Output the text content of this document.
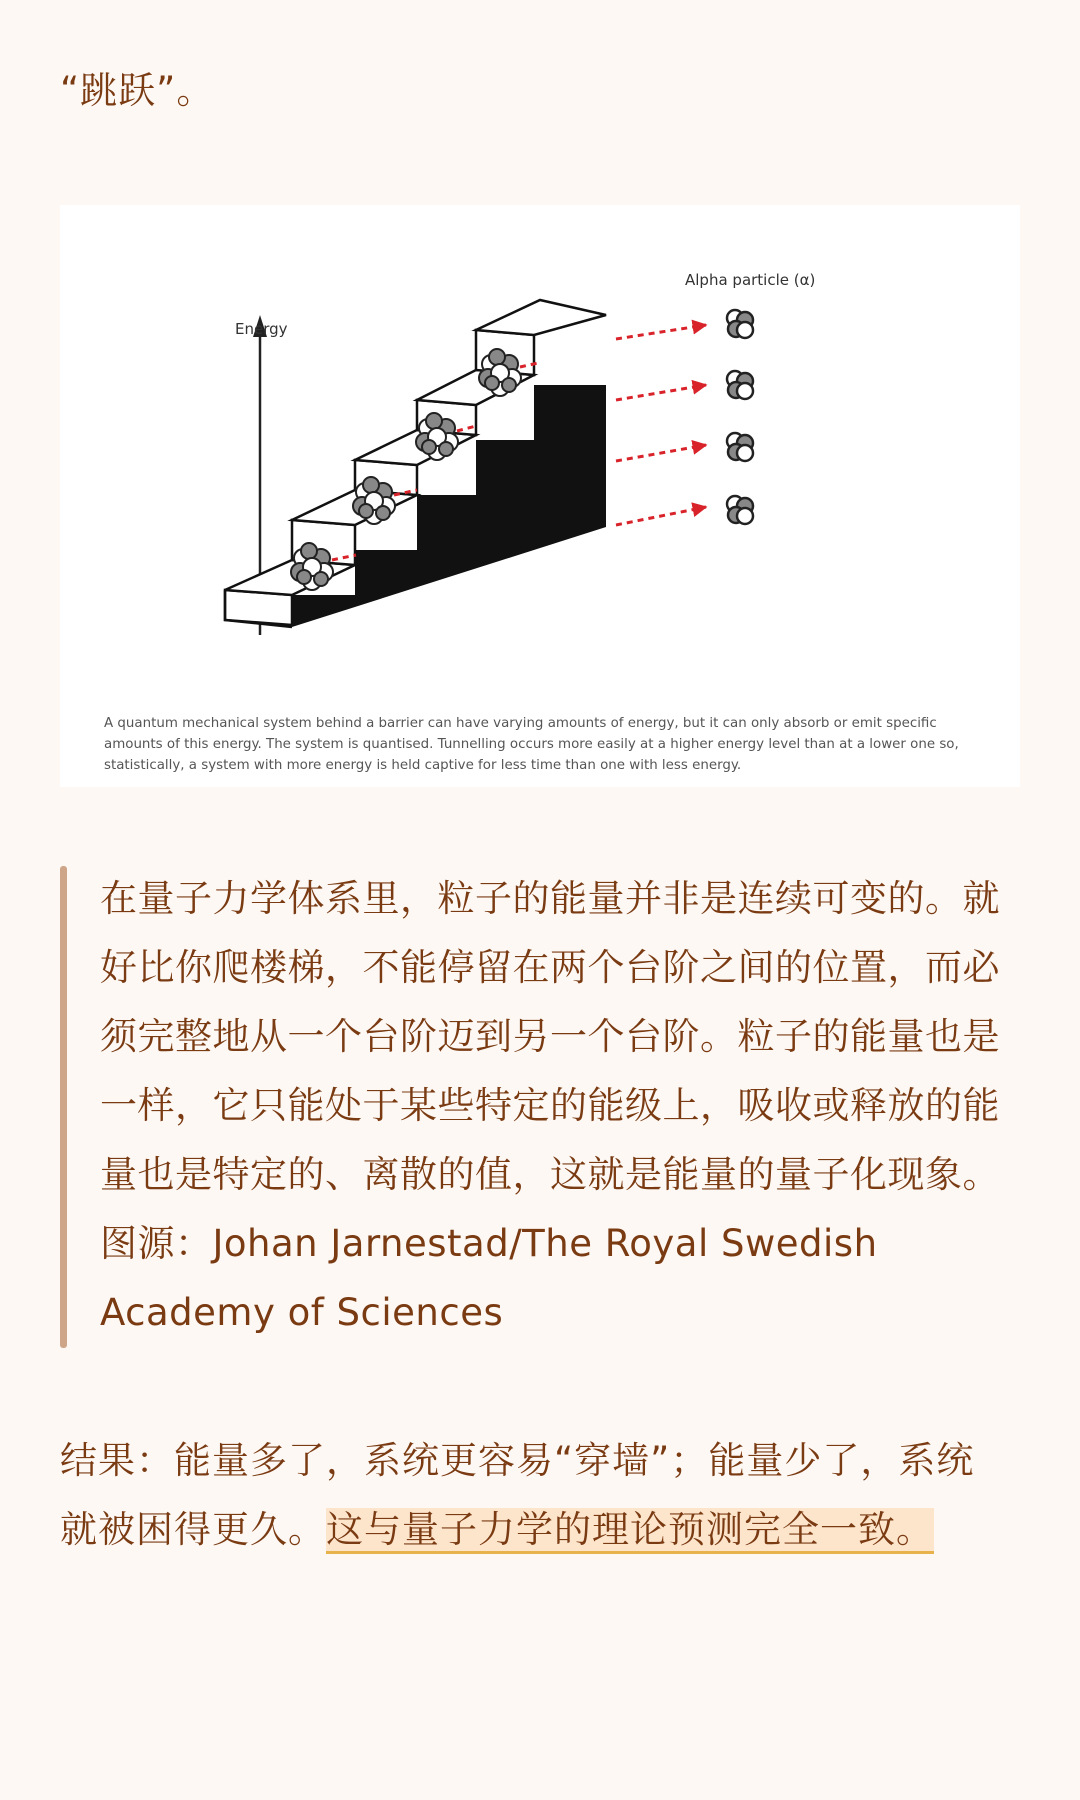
“跳跃”。

Energy
Alpha particle (α)

A quantum mechanical system behind a barrier can have varying amounts of energy, but it can only absorb or emit specific amounts of this energy. The system is quantised. Tunnelling occurs more easily at a higher energy level than at a lower one so, statistically, a system with more energy is held captive for less time than one with less energy.

在量子力学体系里，粒子的能量并非是连续可变的。就好比你爬楼梯，不能停留在两个台阶之间的位置，而必须完整地从一个台阶迈到另一个台阶。粒子的能量也是一样，它只能处于某些特定的能级上，吸收或释放的能量也是特定的、离散的值，这就是能量的量子化现象。图源：Johan Jarnestad/The Royal Swedish Academy of Sciences

结果：能量多了，系统更容易“穿墙”；能量少了，系统就被困得更久。这与量子力学的理论预测完全一致。
